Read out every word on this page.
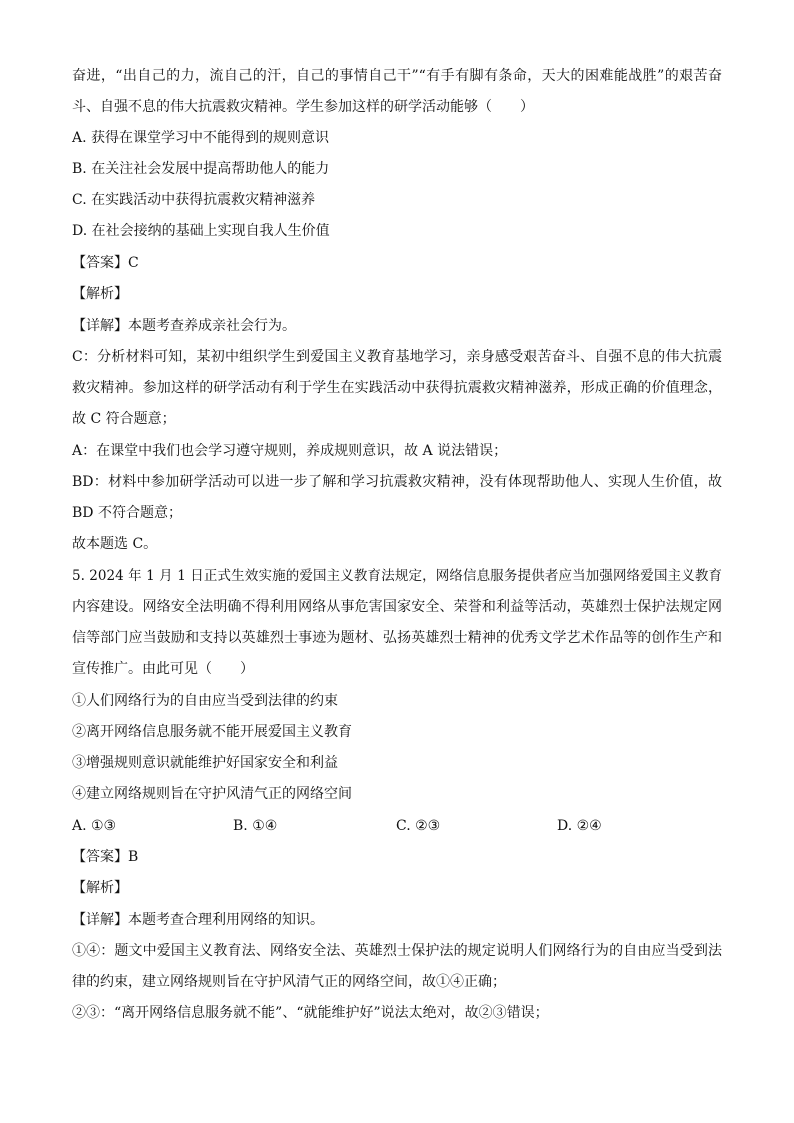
奋进，“出自己的力，流自己的汗，自己的事情自己干”“有手有脚有条命，天大的困难能战胜”的艰苦奋
斗、自强不息的伟大抗震救灾精神。学生参加这样的研学活动能够（　　）
A. 获得在课堂学习中不能得到的规则意识
B. 在关注社会发展中提高帮助他人的能力
C. 在实践活动中获得抗震救灾精神滋养
D. 在社会接纳的基础上实现自我人生价值
【答案】C
【解析】
【详解】本题考查养成亲社会行为。
C：分析材料可知，某初中组织学生到爱国主义教育基地学习，亲身感受艰苦奋斗、自强不息的伟大抗震
救灾精神。参加这样的研学活动有利于学生在实践活动中获得抗震救灾精神滋养，形成正确的价值理念，
故 C 符合题意；
A：在课堂中我们也会学习遵守规则，养成规则意识，故 A 说法错误；
BD：材料中参加研学活动可以进一步了解和学习抗震救灾精神，没有体现帮助他人、实现人生价值，故
BD 不符合题意；
故本题选 C。
5. 2024 年 1 月 1 日正式生效实施的爱国主义教育法规定，网络信息服务提供者应当加强网络爱国主义教育
内容建设。网络安全法明确不得利用网络从事危害国家安全、荣誉和利益等活动，英雄烈士保护法规定网
信等部门应当鼓励和支持以英雄烈士事迹为题材、弘扬英雄烈士精神的优秀文学艺术作品等的创作生产和
宣传推广。由此可见（　　）
①人们网络行为的自由应当受到法律的约束
②离开网络信息服务就不能开展爱国主义教育
③增强规则意识就能维护好国家安全和利益
④建立网络规则旨在守护风清气正的网络空间
A. ①③	B. ①④	C. ②③	D. ②④
【答案】B
【解析】
【详解】本题考查合理利用网络的知识。
①④：题文中爱国主义教育法、网络安全法、英雄烈士保护法的规定说明人们网络行为的自由应当受到法
律的约束，建立网络规则旨在守护风清气正的网络空间，故①④正确；
②③：“离开网络信息服务就不能”、“就能维护好”说法太绝对，故②③错误；
